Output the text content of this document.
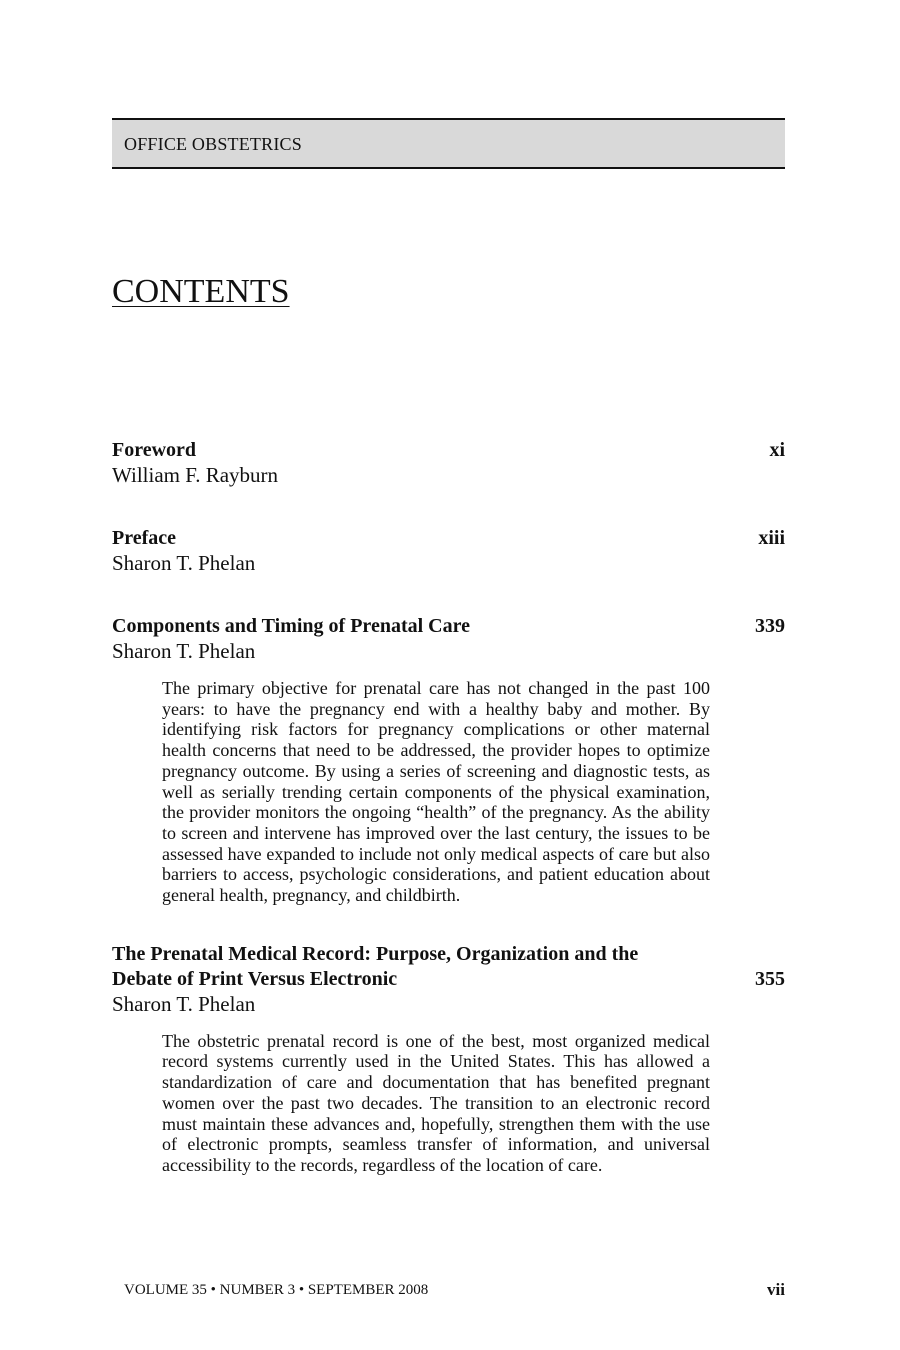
OFFICE OBSTETRICS
CONTENTS
Foreword	xi
William F. Rayburn
Preface	xiii
Sharon T. Phelan
Components and Timing of Prenatal Care	339
Sharon T. Phelan
The primary objective for prenatal care has not changed in the past 100 years: to have the pregnancy end with a healthy baby and mother. By identifying risk factors for pregnancy complications or other maternal health concerns that need to be addressed, the provider hopes to optimize pregnancy outcome. By using a series of screening and diagnostic tests, as well as serially trending certain components of the physical examination, the provider monitors the ongoing “health” of the pregnancy. As the ability to screen and intervene has improved over the last century, the issues to be assessed have expanded to include not only medical aspects of care but also barriers to access, psychologic considerations, and patient education about general health, pregnancy, and childbirth.
The Prenatal Medical Record: Purpose, Organization and the Debate of Print Versus Electronic	355
Sharon T. Phelan
The obstetric prenatal record is one of the best, most organized medical record systems currently used in the United States. This has allowed a standardization of care and documentation that has benefited pregnant women over the past two decades. The transition to an electronic record must maintain these advances and, hopefully, strengthen them with the use of electronic prompts, seamless transfer of information, and universal accessibility to the records, regardless of the location of care.
VOLUME 35 • NUMBER 3 • SEPTEMBER 2008	vii
